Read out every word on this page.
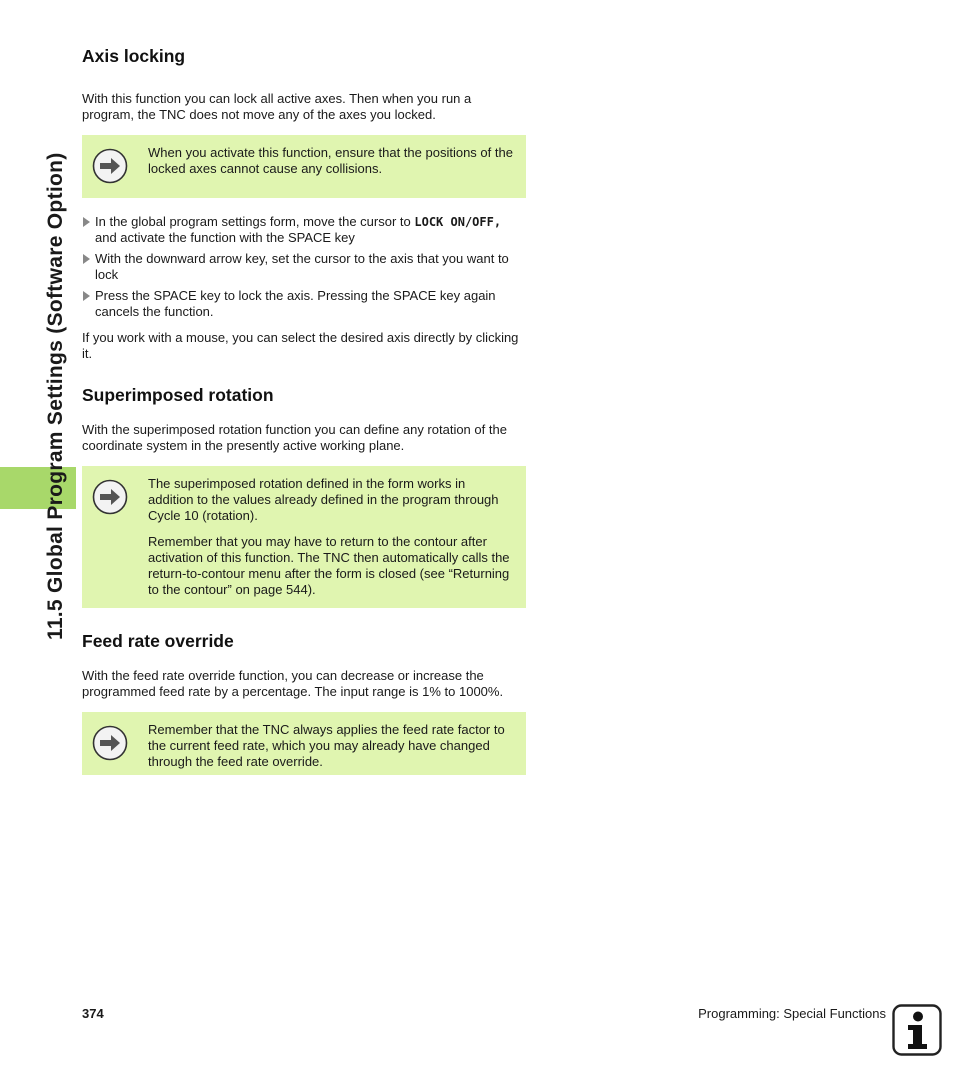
11.5 Global Program Settings (Software Option)
Axis locking

With this function you can lock all active axes. Then when you run a program, the TNC does not move any of the axes you locked.

When you activate this function, ensure that the positions of the locked axes cannot cause any collisions.

In the global program settings form, move the cursor to LOCK ON/OFF, and activate the function with the SPACE key
With the downward arrow key, set the cursor to the axis that you want to lock
Press the SPACE key to lock the axis. Pressing the SPACE key again cancels the function.

If you work with a mouse, you can select the desired axis directly by clicking it.

Superimposed rotation

With the superimposed rotation function you can define any rotation of the coordinate system in the presently active working plane.

The superimposed rotation defined in the form works in addition to the values already defined in the program through Cycle 10 (rotation).

Remember that you may have to return to the contour after activation of this function. The TNC then automatically calls the return-to-contour menu after the form is closed (see “Returning to the contour” on page 544).

Feed rate override

With the feed rate override function, you can decrease or increase the programmed feed rate by a percentage. The input range is 1% to 1000%.

Remember that the TNC always applies the feed rate factor to the current feed rate, which you may already have changed through the feed rate override.

374	Programming: Special Functions
